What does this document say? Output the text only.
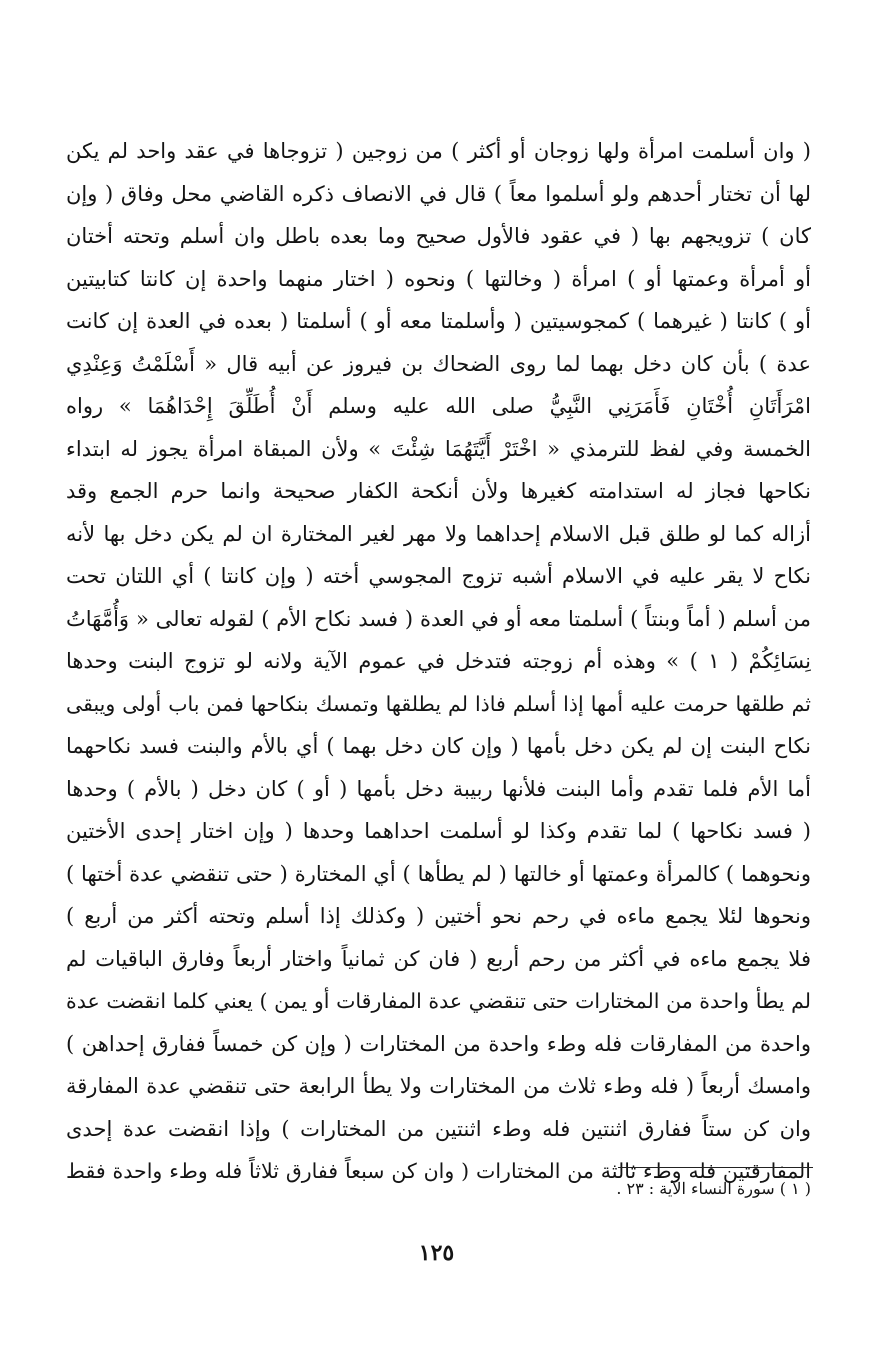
( وان أسلمت امرأة ولها زوجان أو أكثر ) من زوجين ( تزوجاها في عقد واحد لم يكن
لها أن تختار أحدهم ولو أسلموا معاً ) قال في الانصاف ذكره القاضي محل وفاق ( وإن
كان ) تزويجهم بها ( في عقود فالأول صحيح وما بعده باطل وان أسلم وتحته أختان
أو أمرأة وعمتها أو ) امرأة ( وخالتها ) ونحوه ( اختار منهما واحدة إن كانتا كتابيتين
أو ) كانتا ( غيرهما ) كمجوسيتين ( وأسلمتا معه أو ) أسلمتا ( بعده في العدة إن كانت
عدة ) بأن كان دخل بهما لما روى الضحاك بن فيروز عن أبيه قال « أَسْلَمْتُ وَعِنْدِي
امْرَأَتَانِ أُخْتَانِ فَأَمَرَنِي النَّبِيُّ صلى الله عليه وسلم أَنْ أُطَلِّقَ إِحْدَاهُمَا » رواه
الخمسة وفي لفظ للترمذي « اخْتَرْ أَيَّتَهُمَا شِئْتَ » ولأن المبقاة امرأة يجوز له ابتداء
نكاحها فجاز له استدامته كغيرها ولأن أنكحة الكفار صحيحة وانما حرم الجمع وقد
أزاله كما لو طلق قبل الاسلام إحداهما ولا مهر لغير المختارة ان لم يكن دخل بها لأنه
نكاح لا يقر عليه في الاسلام أشبه تزوج المجوسي أخته ( وإن كانتا ) أي اللتان تحت
من أسلم ( أماً وبنتاً ) أسلمتا معه أو في العدة ( فسد نكاح الأم ) لقوله تعالى « وَأُمَّهَاتُ
نِسَائِكُمْ ( ١ ) » وهذه أم زوجته فتدخل في عموم الآية ولانه لو تزوج البنت وحدها
ثم طلقها حرمت عليه أمها إذا أسلم فاذا لم يطلقها وتمسك بنكاحها فمن باب أولى ويبقى
نكاح البنت إن لم يكن دخل بأمها ( وإن كان دخل بهما ) أي بالأم والبنت فسد نكاحهما
أما الأم فلما تقدم وأما البنت فلأنها ربيبة دخل بأمها ( أو ) كان دخل ( بالأم ) وحدها
( فسد نكاحها ) لما تقدم وكذا لو أسلمت احداهما وحدها ( وإن اختار إحدى الأختين
ونحوهما ) كالمرأة وعمتها أو خالتها ( لم يطأها ) أي المختارة ( حتى تنقضي عدة أختها )
ونحوها لئلا يجمع ماءه في رحم نحو أختين ( وكذلك إذا أسلم وتحته أكثر من أربع )
فلا يجمع ماءه في أكثر من رحم أربع ( فان كن ثمانياً واختار أربعاً وفارق الباقيات لم
لم يطأ واحدة من المختارات حتى تنقضي عدة المفارقات أو يمن ) يعني كلما انقضت عدة
واحدة من المفارقات فله وطء واحدة من المختارات ( وإن كن خمساً ففارق إحداهن )
وامسك أربعاً ( فله وطء ثلاث من المختارات ولا يطأ الرابعة حتى تنقضي عدة المفارقة
وان كن ستاً ففارق اثنتين فله وطء اثنتين من المختارات ) وإذا انقضت عدة إحدى
المفارقتين فله وطء ثالثة من المختارات ( وان كن سبعاً ففارق ثلاثاً فله وطء واحدة فقط
( ١ ) سورة النساء الآية : ٢٣ .
١٢٥
